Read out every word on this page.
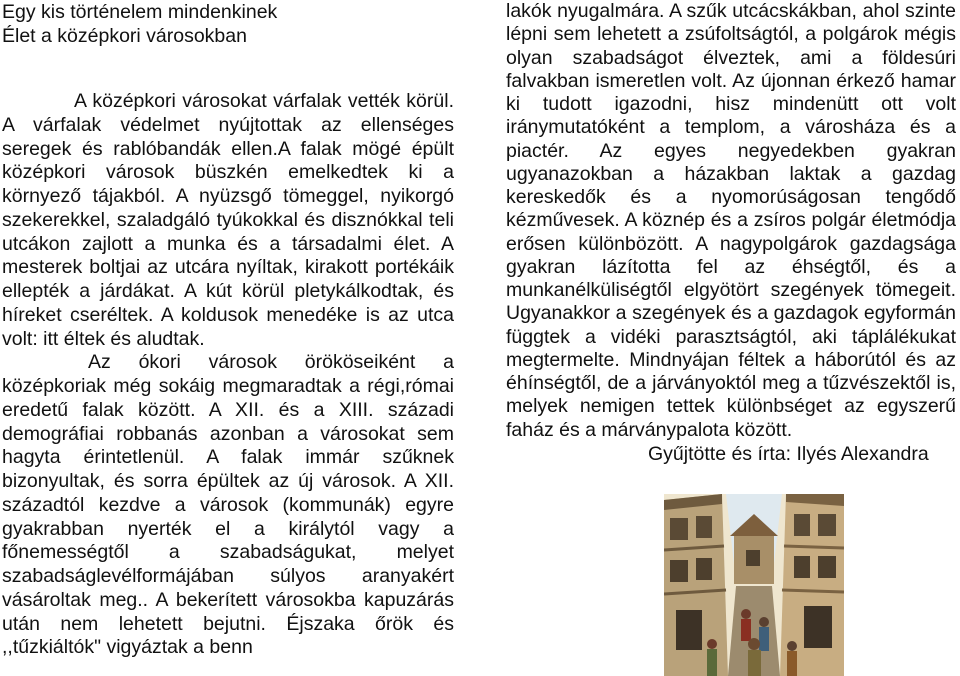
Egy kis történelem mindenkinek
Élet a középkori városokban

A középkori városokat várfalak vették körül. A várfalak védelmet nyújtottak az ellenséges seregek és rablóbandák ellen.A falak mögé épült középkori városok büszkén emelkedtek ki a környező tájakból. A nyüzsgő tömeggel, nyikorgó szekerekkel, szaladgáló tyúkokkal és disznókkal teli utcákon zajlott a munka és a társadalmi élet. A mesterek boltjai az utcára nyíltak, kirakott portékáik ellepték a járdákat. A kút körül pletykálkodtak, és híreket cseréltek. A koldusok menedéke is az utca volt: itt éltek és aludtak.

Az ókori városok örököseiként a középkoriak még sokáig megmaradtak a régi,római eredetű falak között. A XII. és a XIII. századi demográfiai robbanás azonban a városokat sem hagyta érintetlenül. A falak immár szűknek bizonyultak, és sorra épültek az új városok. A XII. századtól kezdve a városok (kommunák) egyre gyakrabban nyerték el a királytól vagy a főnemességtől a szabadságukat, melyet szabadságlevélformájában súlyos aranyakért vásároltak meg.. A bekerített városokba kapuzárás után nem lehetett bejutni. Éjszaka őrök és ,,tűzkiáltók" vigyáztak a benn

lakók nyugalmára. A szűk utcácskákban, ahol szinte lépni sem lehetett a zsúfoltságtól, a polgárok mégis olyan szabadságot élveztek, ami a földesúri falvakban ismeretlen volt. Az újonnan érkező hamar ki tudott igazodni, hisz mindenütt ott volt iránymutatóként a templom, a városháza és a piactér. Az egyes negyedekben gyakran ugyanazokban a házakban laktak a gazdag kereskedők és a nyomorúságosan tengődő kézművesek. A köznép és a zsíros polgár életmódja erősen különbözött. A nagypolgárok gazdagsága gyakran lázította fel az éhségtől, és a munkanélküliségtől elgyötört szegények tömegeit. Ugyanakkor a szegények és a gazdagok egyformán függtek a vidéki parasztságtól, aki táplálékukat megtermelte. Mindnyájan féltek a háborútól és az éhínségtől, de a járványoktól meg a tűzvészektől is, melyek nemigen tettek különbséget az egyszerű faház és a márványpalota között.

Gyűjtötte és írta: Ilyés Alexandra
